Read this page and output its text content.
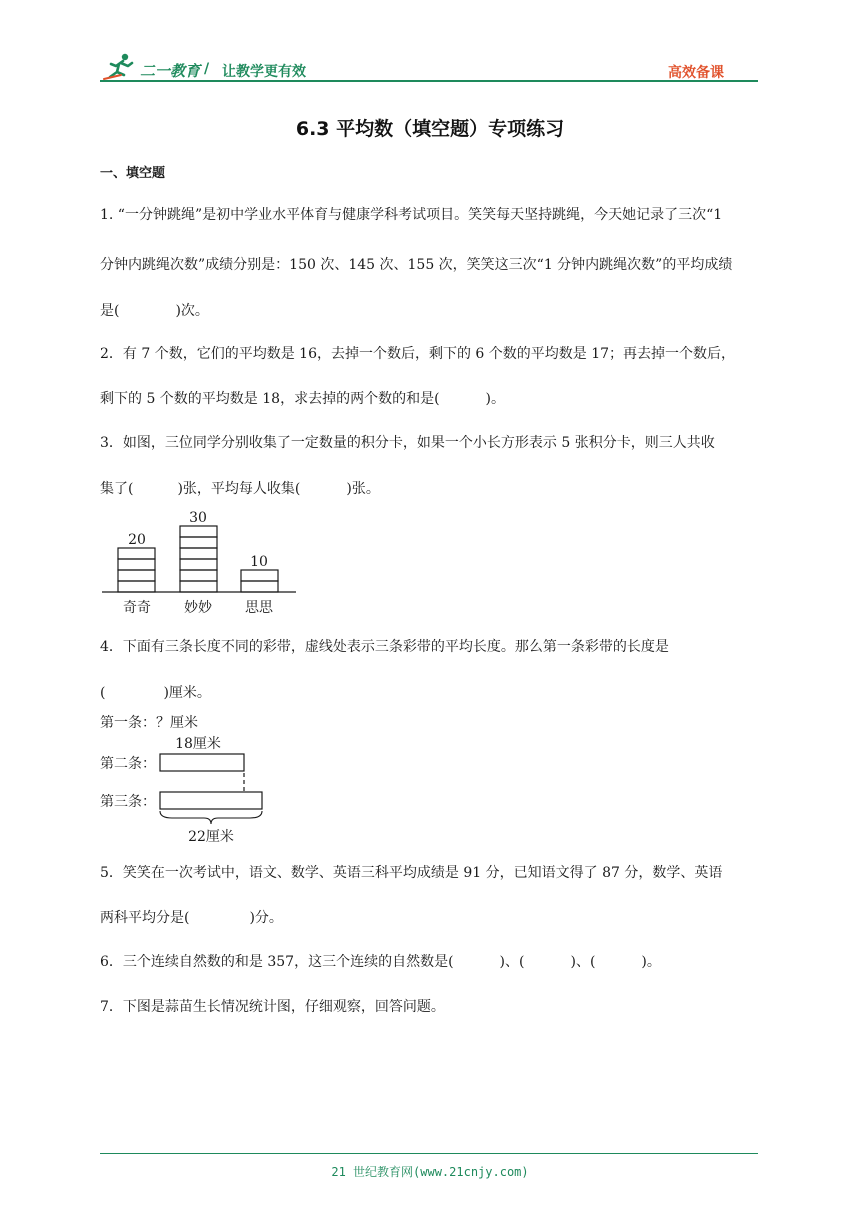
二一教育 / 让教学更有效	高效备课
6.3 平均数（填空题）专项练习
一、填空题
1. “一分钟跳绳”是初中学业水平体育与健康学科考试项目。笑笑每天坚持跳绳，今天她记录了三次“1
分钟内跳绳次数”成绩分别是：150 次、145 次、155 次，笑笑这三次“1 分钟内跳绳次数”的平均成绩
是(	)次。
2．有 7 个数，它们的平均数是 16，去掉一个数后，剩下的 6 个数的平均数是 17；再去掉一个数后，
剩下的 5 个数的平均数是 18，求去掉的两个数的和是(	)。
3．如图，三位同学分别收集了一定数量的积分卡，如果一个小长方形表示 5 张积分卡，则三人共收
集了(	)张，平均每人收集(	)张。
20
30
10
奇奇 妙妙 思思
4．下面有三条长度不同的彩带，虚线处表示三条彩带的平均长度。那么第一条彩带的长度是
(	)厘米。
第一条：？厘米
18厘米
第二条：
第三条：
22厘米
5．笑笑在一次考试中，语文、数学、英语三科平均成绩是 91 分，已知语文得了 87 分，数学、英语
两科平均分是(	)分。
6．三个连续自然数的和是 357，这三个连续的自然数是(	)、(	)、(	)。
7．下图是蒜苗生长情况统计图，仔细观察，回答问题。
21 世纪教育网(www.21cnjy.com)
